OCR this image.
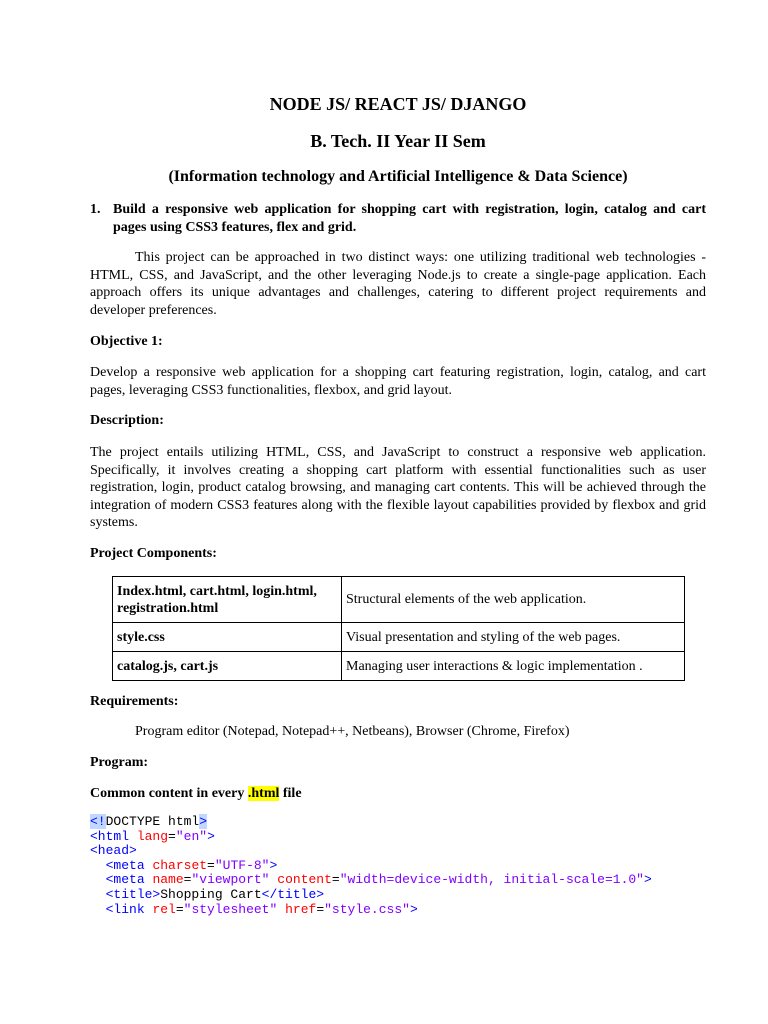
NODE JS/ REACT JS/ DJANGO
B. Tech. II Year II Sem
(Information technology and Artificial Intelligence & Data Science)
1. Build a responsive web application for shopping cart with registration, login, catalog and cart pages using CSS3 features, flex and grid.
This project can be approached in two distinct ways: one utilizing traditional web technologies - HTML, CSS, and JavaScript, and the other leveraging Node.js to create a single-page application. Each approach offers its unique advantages and challenges, catering to different project requirements and developer preferences.
Objective 1:
Develop a responsive web application for a shopping cart featuring registration, login, catalog, and cart pages, leveraging CSS3 functionalities, flexbox, and grid layout.
Description:
The project entails utilizing HTML, CSS, and JavaScript to construct a responsive web application. Specifically, it involves creating a shopping cart platform with essential functionalities such as user registration, login, product catalog browsing, and managing cart contents. This will be achieved through the integration of modern CSS3 features along with the flexible layout capabilities provided by flexbox and grid systems.
Project Components:
Index.html, cart.html, login.html, registration.html	Structural elements of the web application.
style.css	Visual presentation and styling of the web pages.
catalog.js, cart.js	Managing user interactions & logic implementation .
Requirements:
Program editor (Notepad, Notepad++, Netbeans), Browser (Chrome, Firefox)
Program:
Common content in every .html file
<!DOCTYPE html>
<html lang="en">
<head>
<meta charset="UTF-8">
<meta name="viewport" content="width=device-width, initial-scale=1.0">
<title>Shopping Cart</title>
<link rel="stylesheet" href="style.css">
